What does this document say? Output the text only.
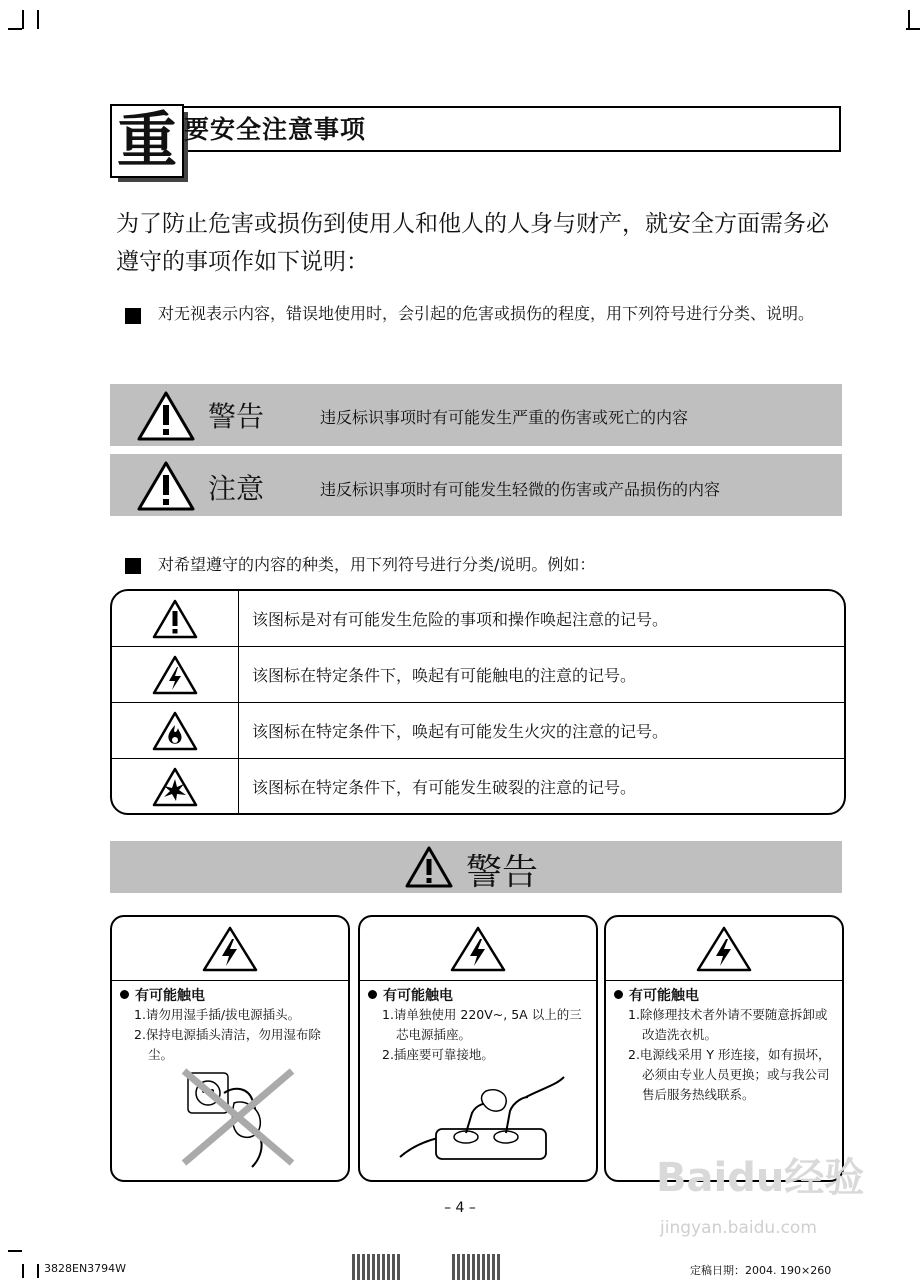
重 要安全注意事项
为了防止危害或损伤到使用人和他人的人身与财产，就安全方面需务必遵守的事项作如下说明：
对无视表示内容，错误地使用时，会引起的危害或损伤的程度，用下列符号进行分类、说明。
警告	违反标识事项时有可能发生严重的伤害或死亡的内容
注意	违反标识事项时有可能发生轻微的伤害或产品损伤的内容
对希望遵守的内容的种类，用下列符号进行分类/说明。例如：
该图标是对有可能发生危险的事项和操作唤起注意的记号。
该图标在特定条件下，唤起有可能触电的注意的记号。
该图标在特定条件下，唤起有可能发生火灾的注意的记号。
该图标在特定条件下，有可能发生破裂的注意的记号。
警告
有可能触电
1.请勿用湿手插/拔电源插头。
2.保持电源插头清洁，勿用湿布除尘。
有可能触电
1.请单独使用 220V~, 5A 以上的三芯电源插座。
2.插座要可靠接地。
有可能触电
1.除修理技术者外请不要随意拆卸或改造洗衣机。
2.电源线采用 Y 形连接，如有损坏，必须由专业人员更换；或与我公司售后服务热线联系。
Baidu经验
jingyan.baidu.com
– 4 –
3828EN3794W	定稿日期：2004. 190×260
